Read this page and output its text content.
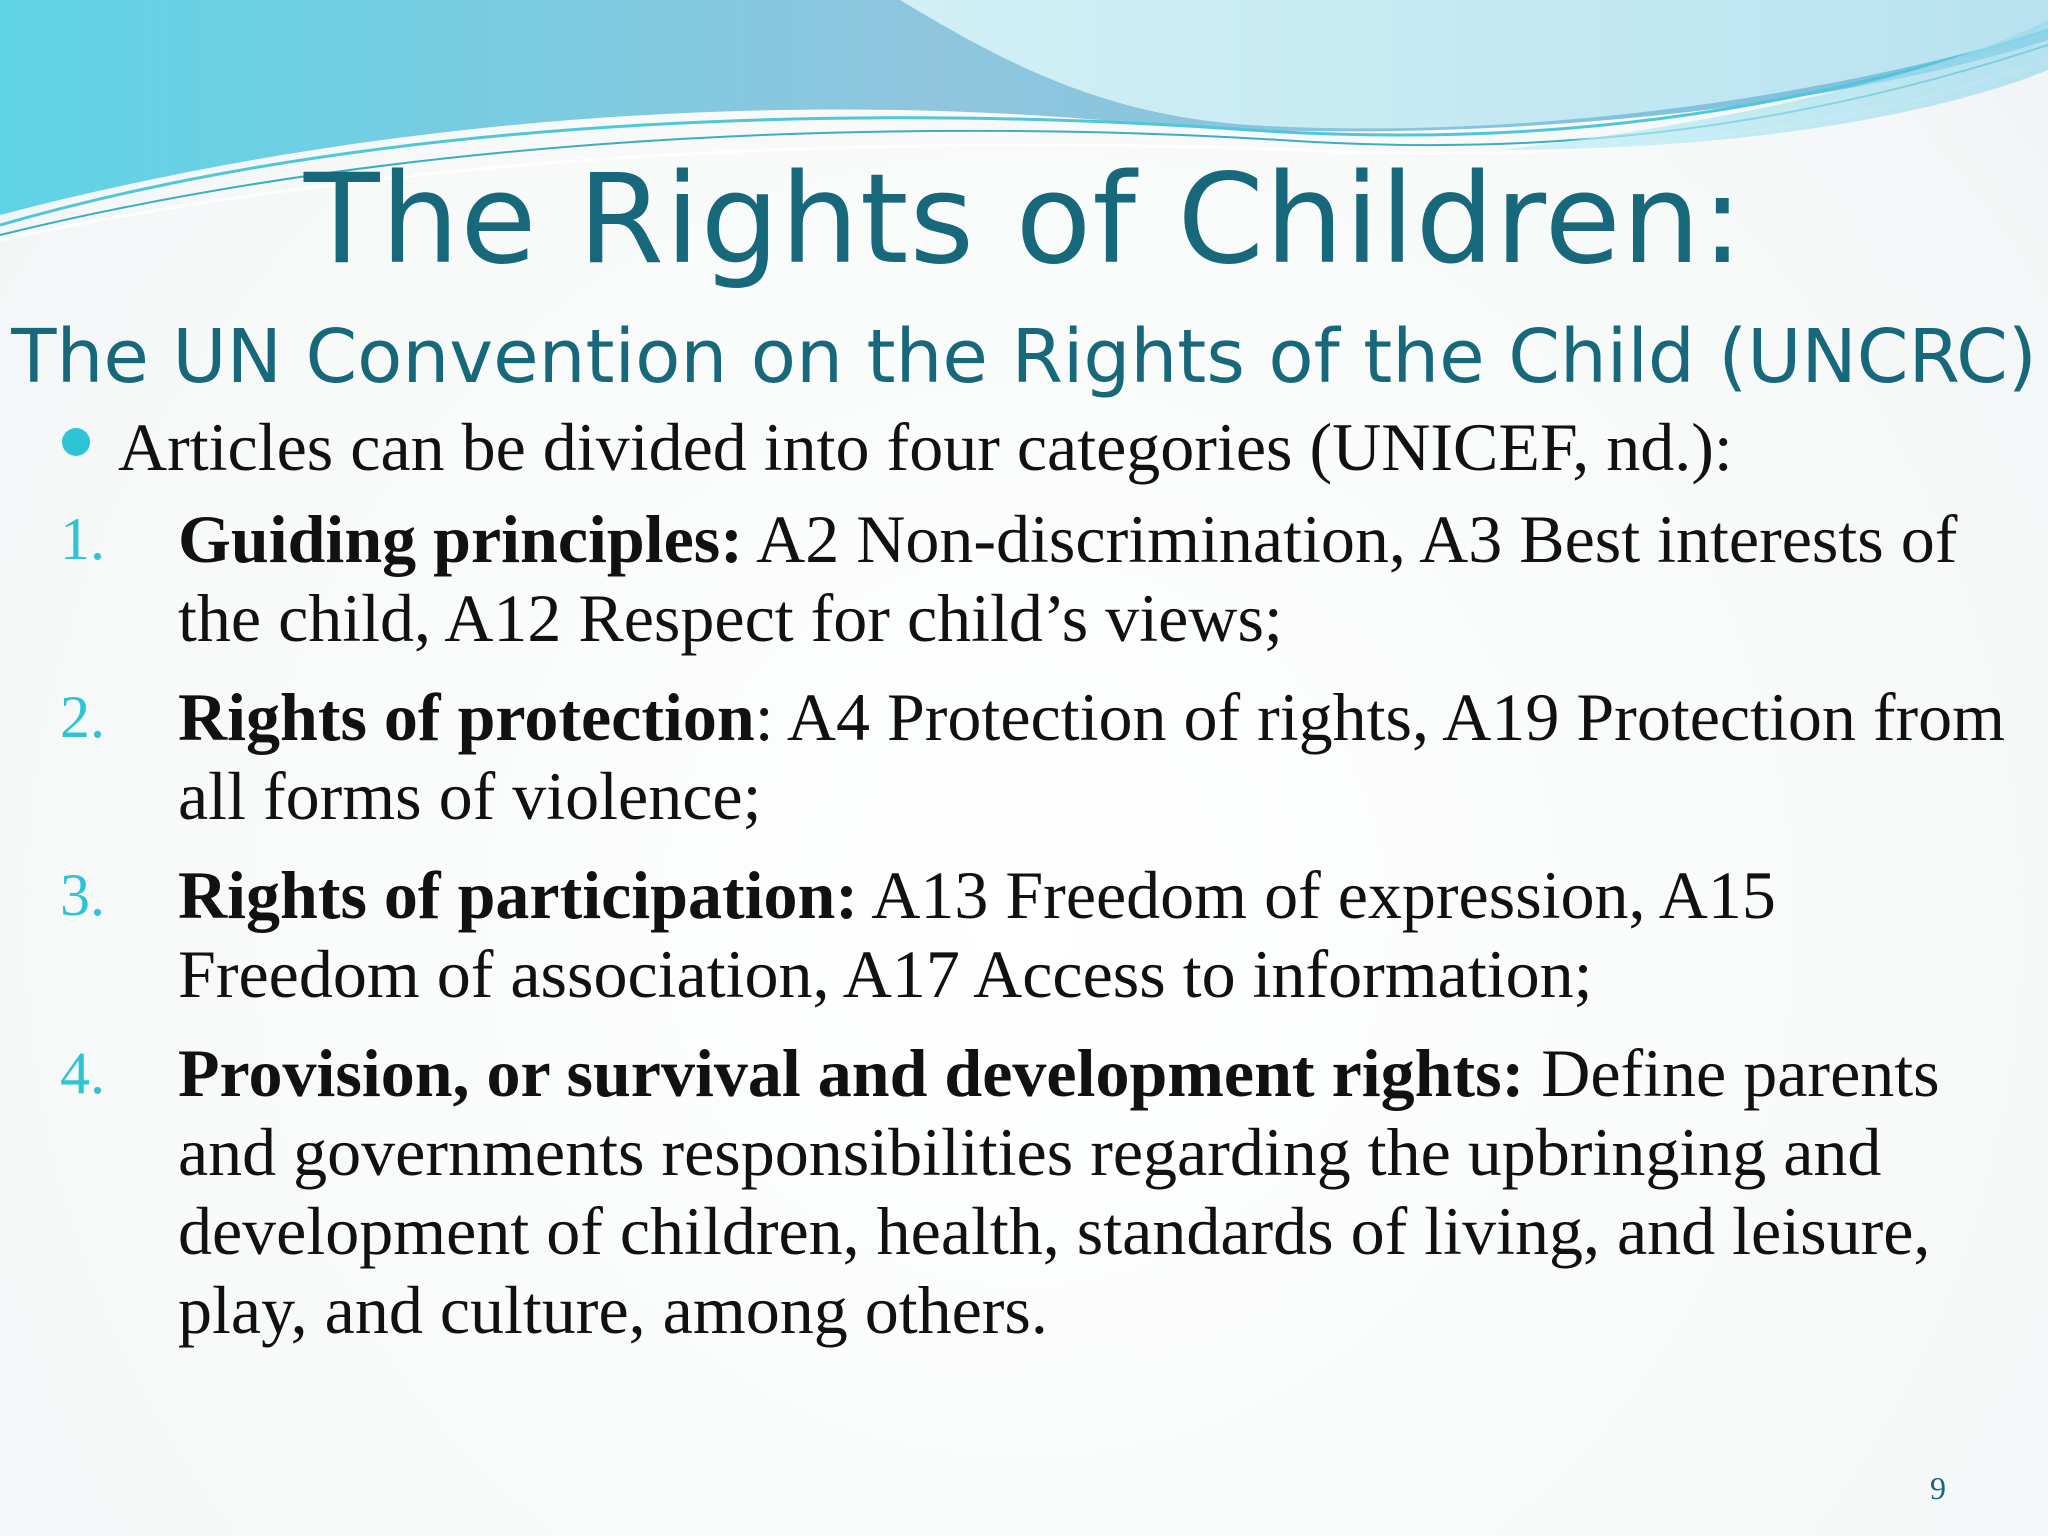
The Rights of Children:
The UN Convention on the Rights of the Child (UNCRC)
Articles can be divided into four categories (UNICEF, nd.):

1. Guiding principles: A2 Non-discrimination, A3 Best interests of the child, A12 Respect for child’s views;

2. Rights of protection: A4 Protection of rights, A19 Protection from all forms of violence;

3. Rights of participation: A13 Freedom of expression, A15 Freedom of association, A17 Access to information;

4. Provision, or survival and development rights: Define parents and governments responsibilities regarding the upbringing and development of children, health, standards of living, and leisure, play, and culture, among others.

9
